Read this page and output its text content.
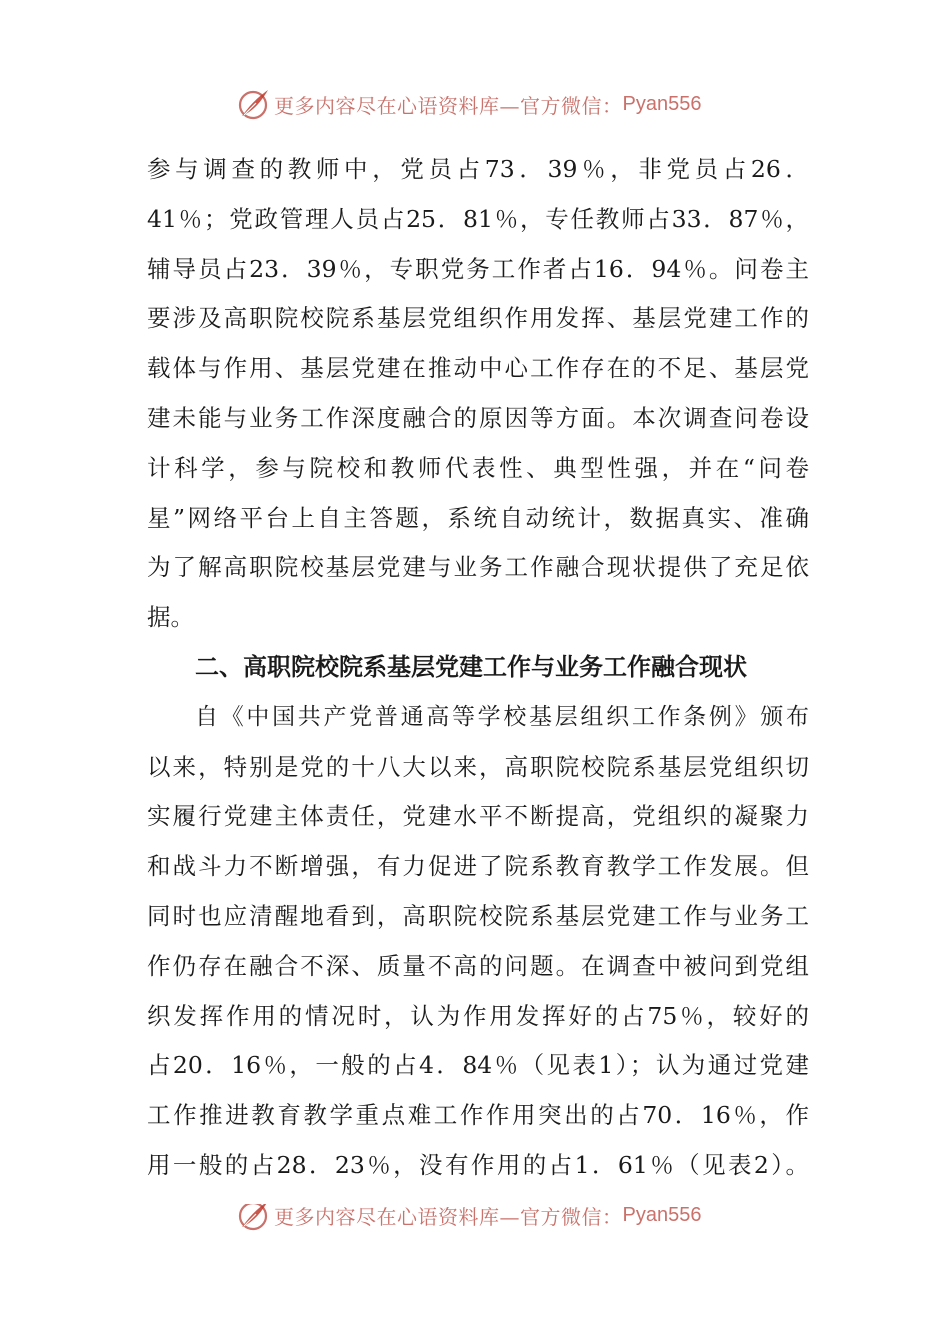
更多内容尽在心语资料库—官方微信： Pyan556
参与调查的教师中，党员占73．39％，非党员占26．
41％；党政管理人员占25．81％，专任教师占33．87％，
辅导员占23．39％，专职党务工作者占16．94％。问卷主
要涉及高职院校院系基层党组织作用发挥、基层党建工作的
载体与作用、基层党建在推动中心工作存在的不足、基层党
建未能与业务工作深度融合的原因等方面。本次调查问卷设
计科学，参与院校和教师代表性、典型性强，并在“问卷
星”网络平台上自主答题，系统自动统计，数据真实、准确
为了解高职院校基层党建与业务工作融合现状提供了充足依
据。
二、高职院校院系基层党建工作与业务工作融合现状
自《中国共产党普通高等学校基层组织工作条例》颁布
以来，特别是党的十八大以来，高职院校院系基层党组织切
实履行党建主体责任，党建水平不断提高，党组织的凝聚力
和战斗力不断增强，有力促进了院系教育教学工作发展。但
同时也应清醒地看到，高职院校院系基层党建工作与业务工
作仍存在融合不深、质量不高的问题。在调查中被问到党组
织发挥作用的情况时，认为作用发挥好的占75％，较好的
占20．16％，一般的占4．84％（见表1）；认为通过党建
工作推进教育教学重点难工作作用突出的占70．16％，作
用一般的占28．23％，没有作用的占1．61％（见表2）。
更多内容尽在心语资料库—官方微信： Pyan556
